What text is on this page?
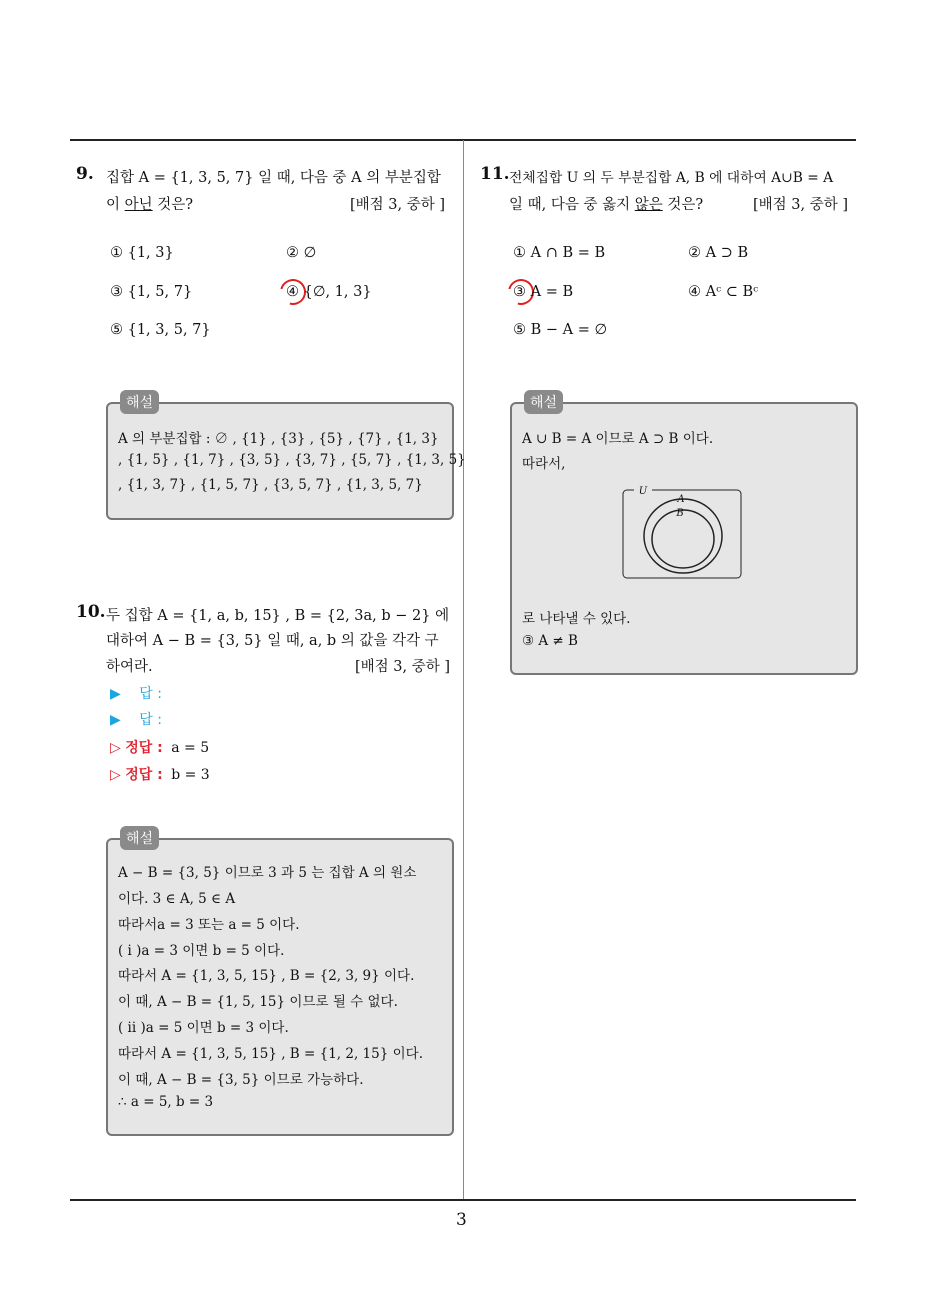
9. 집합 A = {1, 3, 5, 7} 일 때, 다음 중 A 의 부분집합
이 아닌 것은?	[배점 3, 중하 ]
① {1, 3}	② ∅
③ {1, 5, 7}	④ {∅, 1, 3}
⑤ {1, 3, 5, 7}
해설
A 의 부분집합 : ∅ , {1} , {3} , {5} , {7} , {1, 3}
, {1, 5} , {1, 7} , {3, 5} , {3, 7} , {5, 7} , {1, 3, 5}
, {1, 3, 7} , {1, 5, 7} , {3, 5, 7} , {1, 3, 5, 7}
10. 두 집합 A = {1, a, b, 15} , B = {2, 3a, b − 2} 에
대하여 A − B = {3, 5} 일 때, a, b 의 값을 각각 구
하여라.	[배점 3, 중하 ]
▶ 답 :
▶ 답 :
▷ 정답 : a = 5
▷ 정답 : b = 3
해설
A − B = {3, 5} 이므로 3 과 5 는 집합 A 의 원소
이다. 3 ∈ A, 5 ∈ A
따라서a = 3 또는 a = 5 이다.
( i )a = 3 이면 b = 5 이다.
따라서 A = {1, 3, 5, 15} , B = {2, 3, 9} 이다.
이 때, A − B = {1, 5, 15} 이므로 될 수 없다.
( ii )a = 5 이면 b = 3 이다.
따라서 A = {1, 3, 5, 15} , B = {1, 2, 15} 이다.
이 때, A − B = {3, 5} 이므로 가능하다.
∴ a = 5, b = 3
11. 전체집합 U 의 두 부분집합 A, B 에 대하여 A∪B = A
일 때, 다음 중 옳지 않은 것은?	[배점 3, 중하 ]
① A ∩ B = B	② A ⊃ B
③ A = B	④ Aᶜ ⊂ Bᶜ
⑤ B − A = ∅
해설
A ∪ B = A 이므로 A ⊃ B 이다.
따라서,
U
A
B
로 나타낼 수 있다.
③ A ≠ B
3
